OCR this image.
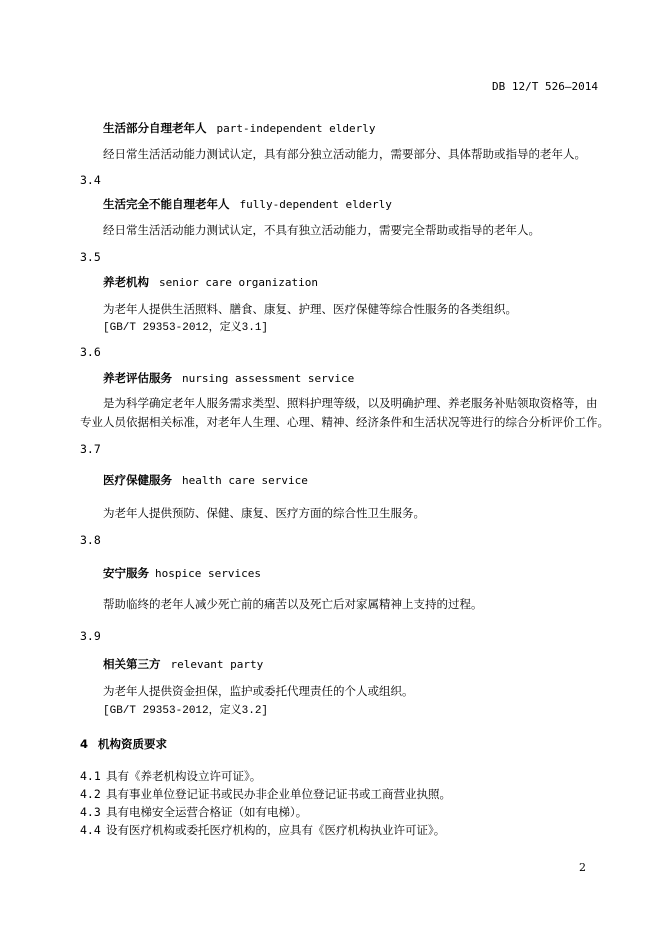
DB 12/T 526—2014
生活部分自理老年人 part-independent elderly
经日常生活活动能力测试认定，具有部分独立活动能力，需要部分、具体帮助或指导的老年人。
3.4
生活完全不能自理老年人 fully-dependent elderly
经日常生活活动能力测试认定，不具有独立活动能力，需要完全帮助或指导的老年人。
3.5
养老机构 senior care organization
为老年人提供生活照料、膳食、康复、护理、医疗保健等综合性服务的各类组织。
[GB/T 29353-2012，定义3.1]
3.6
养老评估服务 nursing assessment service
是为科学确定老年人服务需求类型、照料护理等级，以及明确护理、养老服务补贴领取资格等，由
专业人员依据相关标准，对老年人生理、心理、精神、经济条件和生活状况等进行的综合分析评价工作。
3.7
医疗保健服务 health care service
为老年人提供预防、保健、康复、医疗方面的综合性卫生服务。
3.8
安宁服务 hospice services
帮助临终的老年人减少死亡前的痛苦以及死亡后对家属精神上支持的过程。
3.9
相关第三方 relevant party
为老年人提供资金担保，监护或委托代理责任的个人或组织。
[GB/T 29353-2012，定义3.2]
4 机构资质要求
4.1 具有《养老机构设立许可证》。
4.2 具有事业单位登记证书或民办非企业单位登记证书或工商营业执照。
4.3 具有电梯安全运营合格证（如有电梯）。
4.4 设有医疗机构或委托医疗机构的，应具有《医疗机构执业许可证》。
2
